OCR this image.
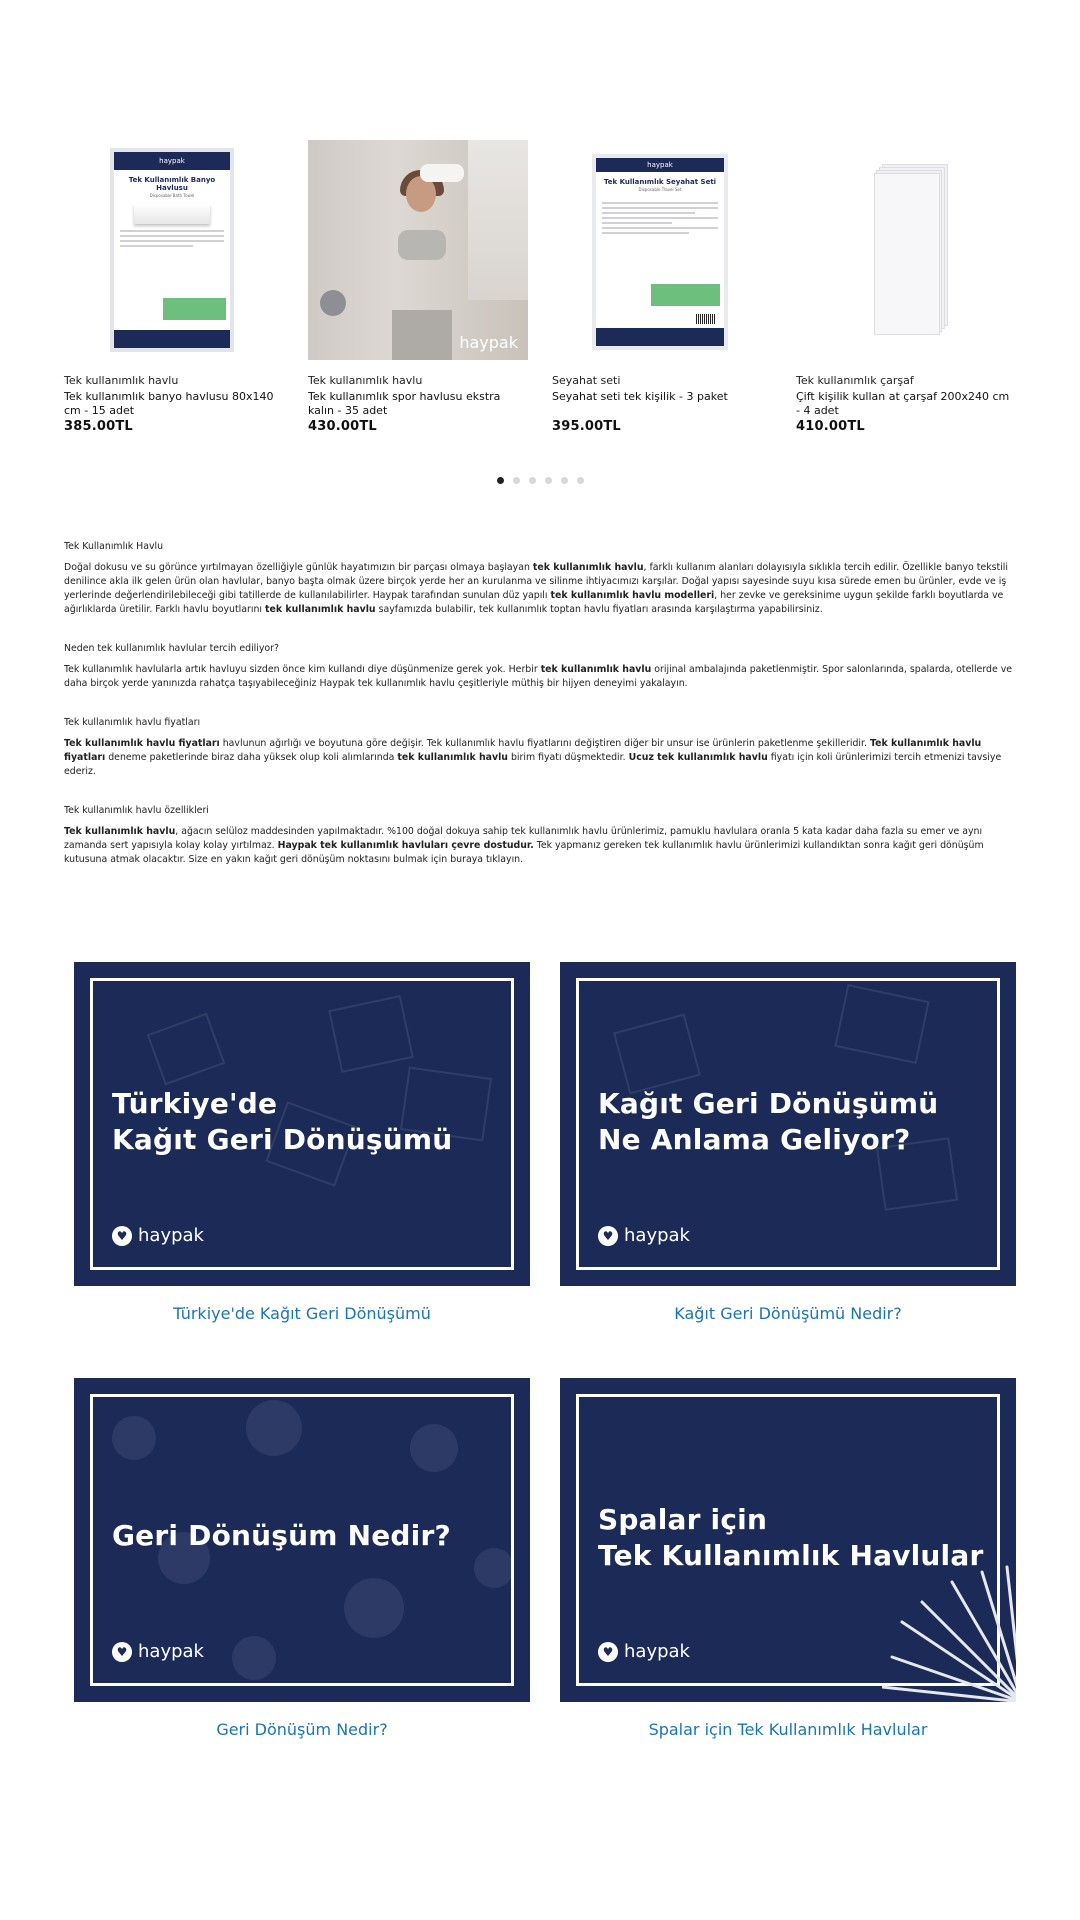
haypak
Tek Kullanımlık Banyo Havlusu
Disposable Bath Towel
Tek kullanımlık havlu
Tek kullanımlık banyo havlusu 80x140 cm - 15 adet
385.00TL
haypak
Tek kullanımlık havlu
Tek kullanımlık spor havlusu ekstra kalın - 35 adet
430.00TL
haypak
Tek Kullanımlık Seyahat Seti
Disposable Travel Set
Seyahat seti
Seyahat seti tek kişilik - 3 paket
395.00TL
Tek kullanımlık çarşaf
Çift kişilik kullan at çarşaf 200x240 cm - 4 adet
410.00TL
Tek Kullanımlık Havlu

Doğal dokusu ve su görünce yırtılmayan özelliğiyle günlük hayatımızın bir parçası olmaya başlayan tek kullanımlık havlu, farklı kullanım alanları dolayısıyla sıklıkla tercih edilir. Özellikle banyo tekstili denilince akla ilk gelen ürün olan havlular, banyo başta olmak üzere birçok yerde her an kurulanma ve silinme ihtiyacımızı karşılar. Doğal yapısı sayesinde suyu kısa sürede emen bu ürünler, evde ve iş yerlerinde değerlendirilebileceği gibi tatillerde de kullanılabilirler. Haypak tarafından sunulan düz yapılı tek kullanımlık havlu modelleri, her zevke ve gereksinime uygun şekilde farklı boyutlarda ve ağırlıklarda üretilir. Farklı havlu boyutlarını tek kullanımlık havlu sayfamızda bulabilir, tek kullanımlık toptan havlu fiyatları arasında karşılaştırma yapabilirsiniz.

Neden tek kullanımlık havlular tercih ediliyor?

Tek kullanımlık havlularla artık havluyu sizden önce kim kullandı diye düşünmenize gerek yok. Herbir tek kullanımlık havlu orijinal ambalajında paketlenmiştir. Spor salonlarında, spalarda, otellerde ve daha birçok yerde yanınızda rahatça taşıyabileceğiniz Haypak tek kullanımlık havlu çeşitleriyle müthiş bir hijyen deneyimi yakalayın.

Tek kullanımlık havlu fiyatları

Tek kullanımlık havlu fiyatları havlunun ağırlığı ve boyutuna göre değişir. Tek kullanımlık havlu fiyatlarını değiştiren diğer bir unsur ise ürünlerin paketlenme şekilleridir. Tek kullanımlık havlu fiyatları deneme paketlerinde biraz daha yüksek olup koli alımlarında tek kullanımlık havlu birim fiyatı düşmektedir. Ucuz tek kullanımlık havlu fiyatı için koli ürünlerimizi tercih etmenizi tavsiye ederiz.

Tek kullanımlık havlu özellikleri

Tek kullanımlık havlu, ağacın selüloz maddesinden yapılmaktadır. %100 doğal dokuya sahip tek kullanımlık havlu ürünlerimiz, pamuklu havlulara oranla 5 kata kadar daha fazla su emer ve aynı zamanda sert yapısıyla kolay kolay yırtılmaz. Haypak tek kullanımlık havluları çevre dostudur. Tek yapmanız gereken tek kullanımlık havlu ürünlerimizi kullandıktan sonra kağıt geri dönüşüm kutusuna atmak olacaktır. Size en yakın kağıt geri dönüşüm noktasını bulmak için buraya tıklayın.

Türkiye'de
Kağıt Geri Dönüşümü
♥ haypak
Türkiye'de Kağıt Geri Dönüşümü
Kağıt Geri Dönüşümü
Ne Anlama Geliyor?
♥ haypak
Kağıt Geri Dönüşümü Nedir?
Geri Dönüşüm Nedir?
♥ haypak
Geri Dönüşüm Nedir?
Spalar için
Tek Kullanımlık Havlular
♥ haypak
Spalar için Tek Kullanımlık Havlular
